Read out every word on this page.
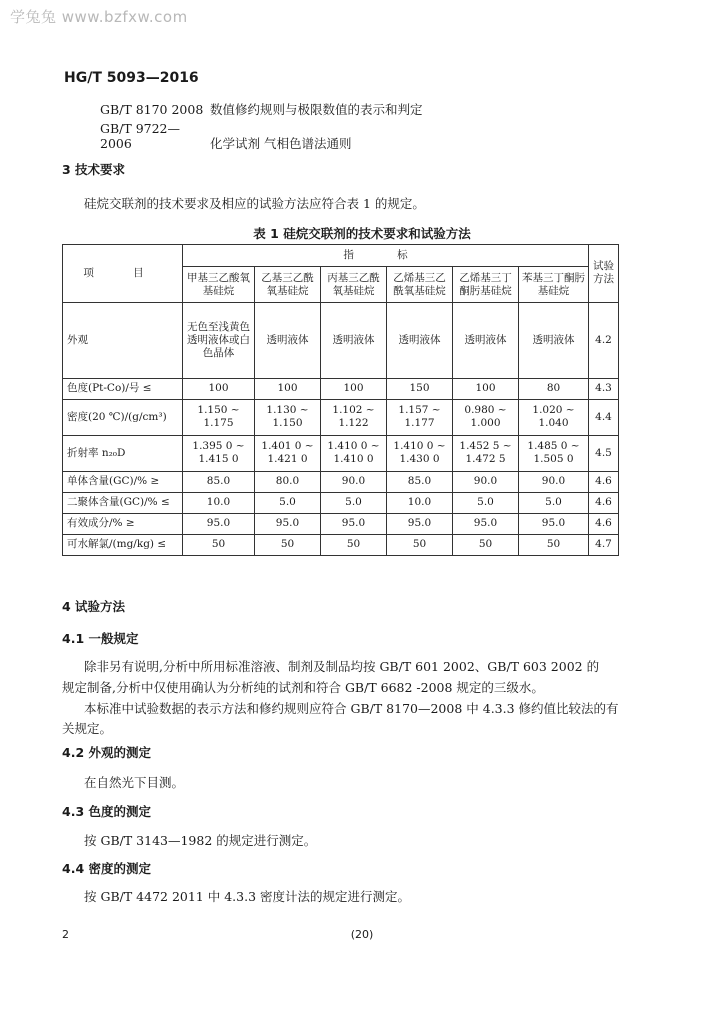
学兔兔 www.bzfxw.com
HG/T 5093—2016
GB/T 8170 2008 数值修约规则与极限数值的表示和判定
GB/T 9722—2006	化学试剂 气相色谱法通则
3 技术要求
硅烷交联剂的技术要求及相应的试验方法应符合表 1 的规定。
表 1 硅烷交联剂的技术要求和试验方法
项 目	指 标						试验方法
	甲基三乙酸氧基硅烷	乙基三乙酰氧基硅烷	丙基三乙酰氧基硅烷	乙烯基三乙酰氧基硅烷	乙烯基三丁酮肟基硅烷	苯基三丁酮肟基硅烷	
外观	无色至浅黄色透明液体或白色晶体	透明液体	透明液体	透明液体	透明液体	透明液体	4.2
色度(Pt-Co)/号 ≤	100	100	100	150	100	80	4.3
密度(20 ℃)/(g/cm³)	1.150 ~ 1.175	1.130 ~ 1.150	1.102 ~ 1.122	1.157 ~ 1.177	0.980 ~ 1.000	1.020 ~ 1.040	4.4
折射率 n₂₀D	1.395 0 ~ 1.415 0	1.401 0 ~ 1.421 0	1.410 0 ~ 1.410 0	1.410 0 ~ 1.430 0	1.452 5 ~ 1.472 5	1.485 0 ~ 1.505 0	4.5
单体含量(GC)/% ≥	85.0	80.0	90.0	85.0	90.0	90.0	4.6
二聚体含量(GC)/% ≤	10.0	5.0	5.0	10.0	5.0	5.0	4.6
有效成分/% ≥	95.0	95.0	95.0	95.0	95.0	95.0	4.6
可水解氯/(mg/kg) ≤	50	50	50	50	50	50	4.7
4 试验方法
4.1 一般规定
除非另有说明,分析中所用标准溶液、制剂及制品均按 GB/T 601 2002、GB/T 603 2002 的
规定制备,分析中仅使用确认为分析纯的试剂和符合 GB/T 6682 -2008 规定的三级水。
本标准中试验数据的表示方法和修约规则应符合 GB/T 8170—2008 中 4.3.3 修约值比较法的有
关规定。
4.2 外观的测定
在自然光下目测。
4.3 色度的测定
按 GB/T 3143—1982 的规定进行测定。
4.4 密度的测定
按 GB/T 4472 2011 中 4.3.3 密度计法的规定进行测定。
2	(20)
